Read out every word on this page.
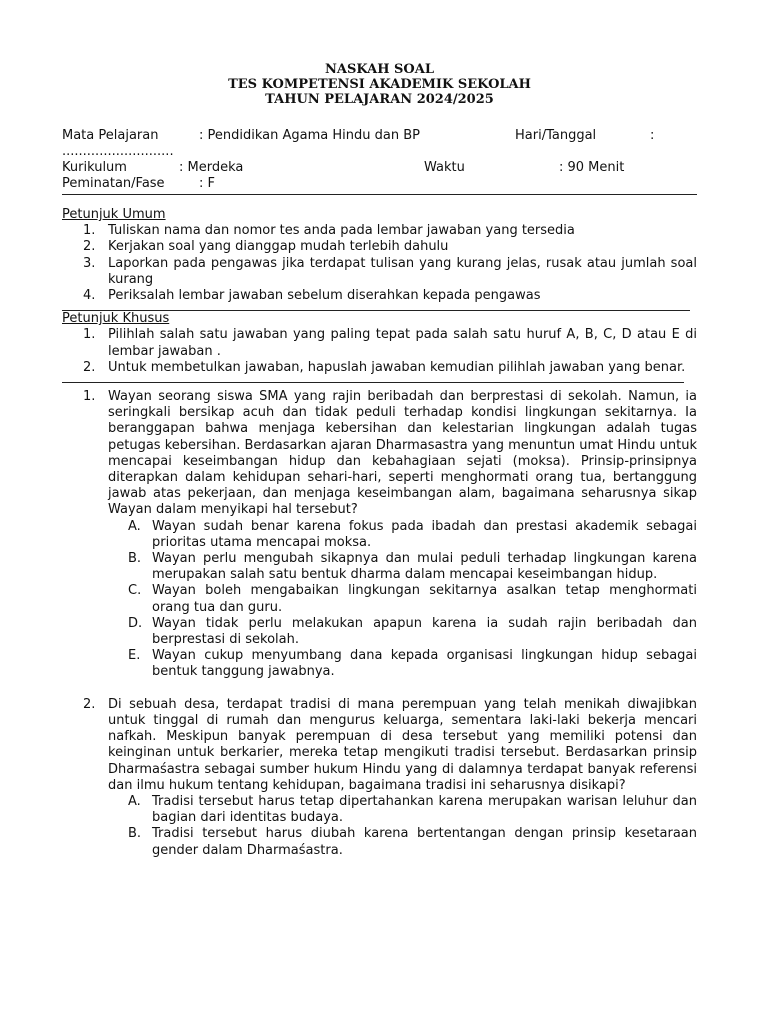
NASKAH SOAL
TES KOMPETENSI AKADEMIK SEKOLAH
TAHUN PELAJARAN 2024/2025
Mata Pelajaran	: Pendidikan Agama Hindu dan BP	Hari/Tanggal	:
...........................
Kurikulum	: Merdeka	Waktu	: 90 Menit
Peminatan/Fase	: F
Petunjuk Umum
1. Tuliskan nama dan nomor tes anda pada lembar jawaban yang tersedia
2. Kerjakan soal yang dianggap mudah terlebih dahulu
3. Laporkan pada pengawas jika terdapat tulisan yang kurang jelas, rusak atau jumlah soal kurang
4. Periksalah lembar jawaban sebelum diserahkan kepada pengawas
Petunjuk Khusus
1. Pilihlah salah satu jawaban yang paling tepat pada salah satu huruf A, B, C, D atau E di lembar jawaban .
2. Untuk membetulkan jawaban, hapuslah jawaban kemudian pilihlah jawaban yang benar.
1. Wayan seorang siswa SMA yang rajin beribadah dan berprestasi di sekolah. Namun, ia seringkali bersikap acuh dan tidak peduli terhadap kondisi lingkungan sekitarnya. Ia beranggapan bahwa menjaga kebersihan dan kelestarian lingkungan adalah tugas petugas kebersihan. Berdasarkan ajaran Dharmasastra yang menuntun umat Hindu untuk mencapai keseimbangan hidup dan kebahagiaan sejati (moksa). Prinsip-prinsipnya diterapkan dalam kehidupan sehari-hari, seperti menghormati orang tua, bertanggung jawab atas pekerjaan, dan menjaga keseimbangan alam, bagaimana seharusnya sikap Wayan dalam menyikapi hal tersebut?
A. Wayan sudah benar karena fokus pada ibadah dan prestasi akademik sebagai prioritas utama mencapai moksa.
B. Wayan perlu mengubah sikapnya dan mulai peduli terhadap lingkungan karena merupakan salah satu bentuk dharma dalam mencapai keseimbangan hidup.
C. Wayan boleh mengabaikan lingkungan sekitarnya asalkan tetap menghormati orang tua dan guru.
D. Wayan tidak perlu melakukan apapun karena ia sudah rajin beribadah dan berprestasi di sekolah.
E. Wayan cukup menyumbang dana kepada organisasi lingkungan hidup sebagai bentuk tanggung jawabnya.
2. Di sebuah desa, terdapat tradisi di mana perempuan yang telah menikah diwajibkan untuk tinggal di rumah dan mengurus keluarga, sementara laki-laki bekerja mencari nafkah. Meskipun banyak perempuan di desa tersebut yang memiliki potensi dan keinginan untuk berkarier, mereka tetap mengikuti tradisi tersebut. Berdasarkan prinsip Dharmaśastra sebagai sumber hukum Hindu yang di dalamnya terdapat banyak referensi dan ilmu hukum tentang kehidupan, bagaimana tradisi ini seharusnya disikapi?
A. Tradisi tersebut harus tetap dipertahankan karena merupakan warisan leluhur dan bagian dari identitas budaya.
B. Tradisi tersebut harus diubah karena bertentangan dengan prinsip kesetaraan gender dalam Dharmaśastra.
